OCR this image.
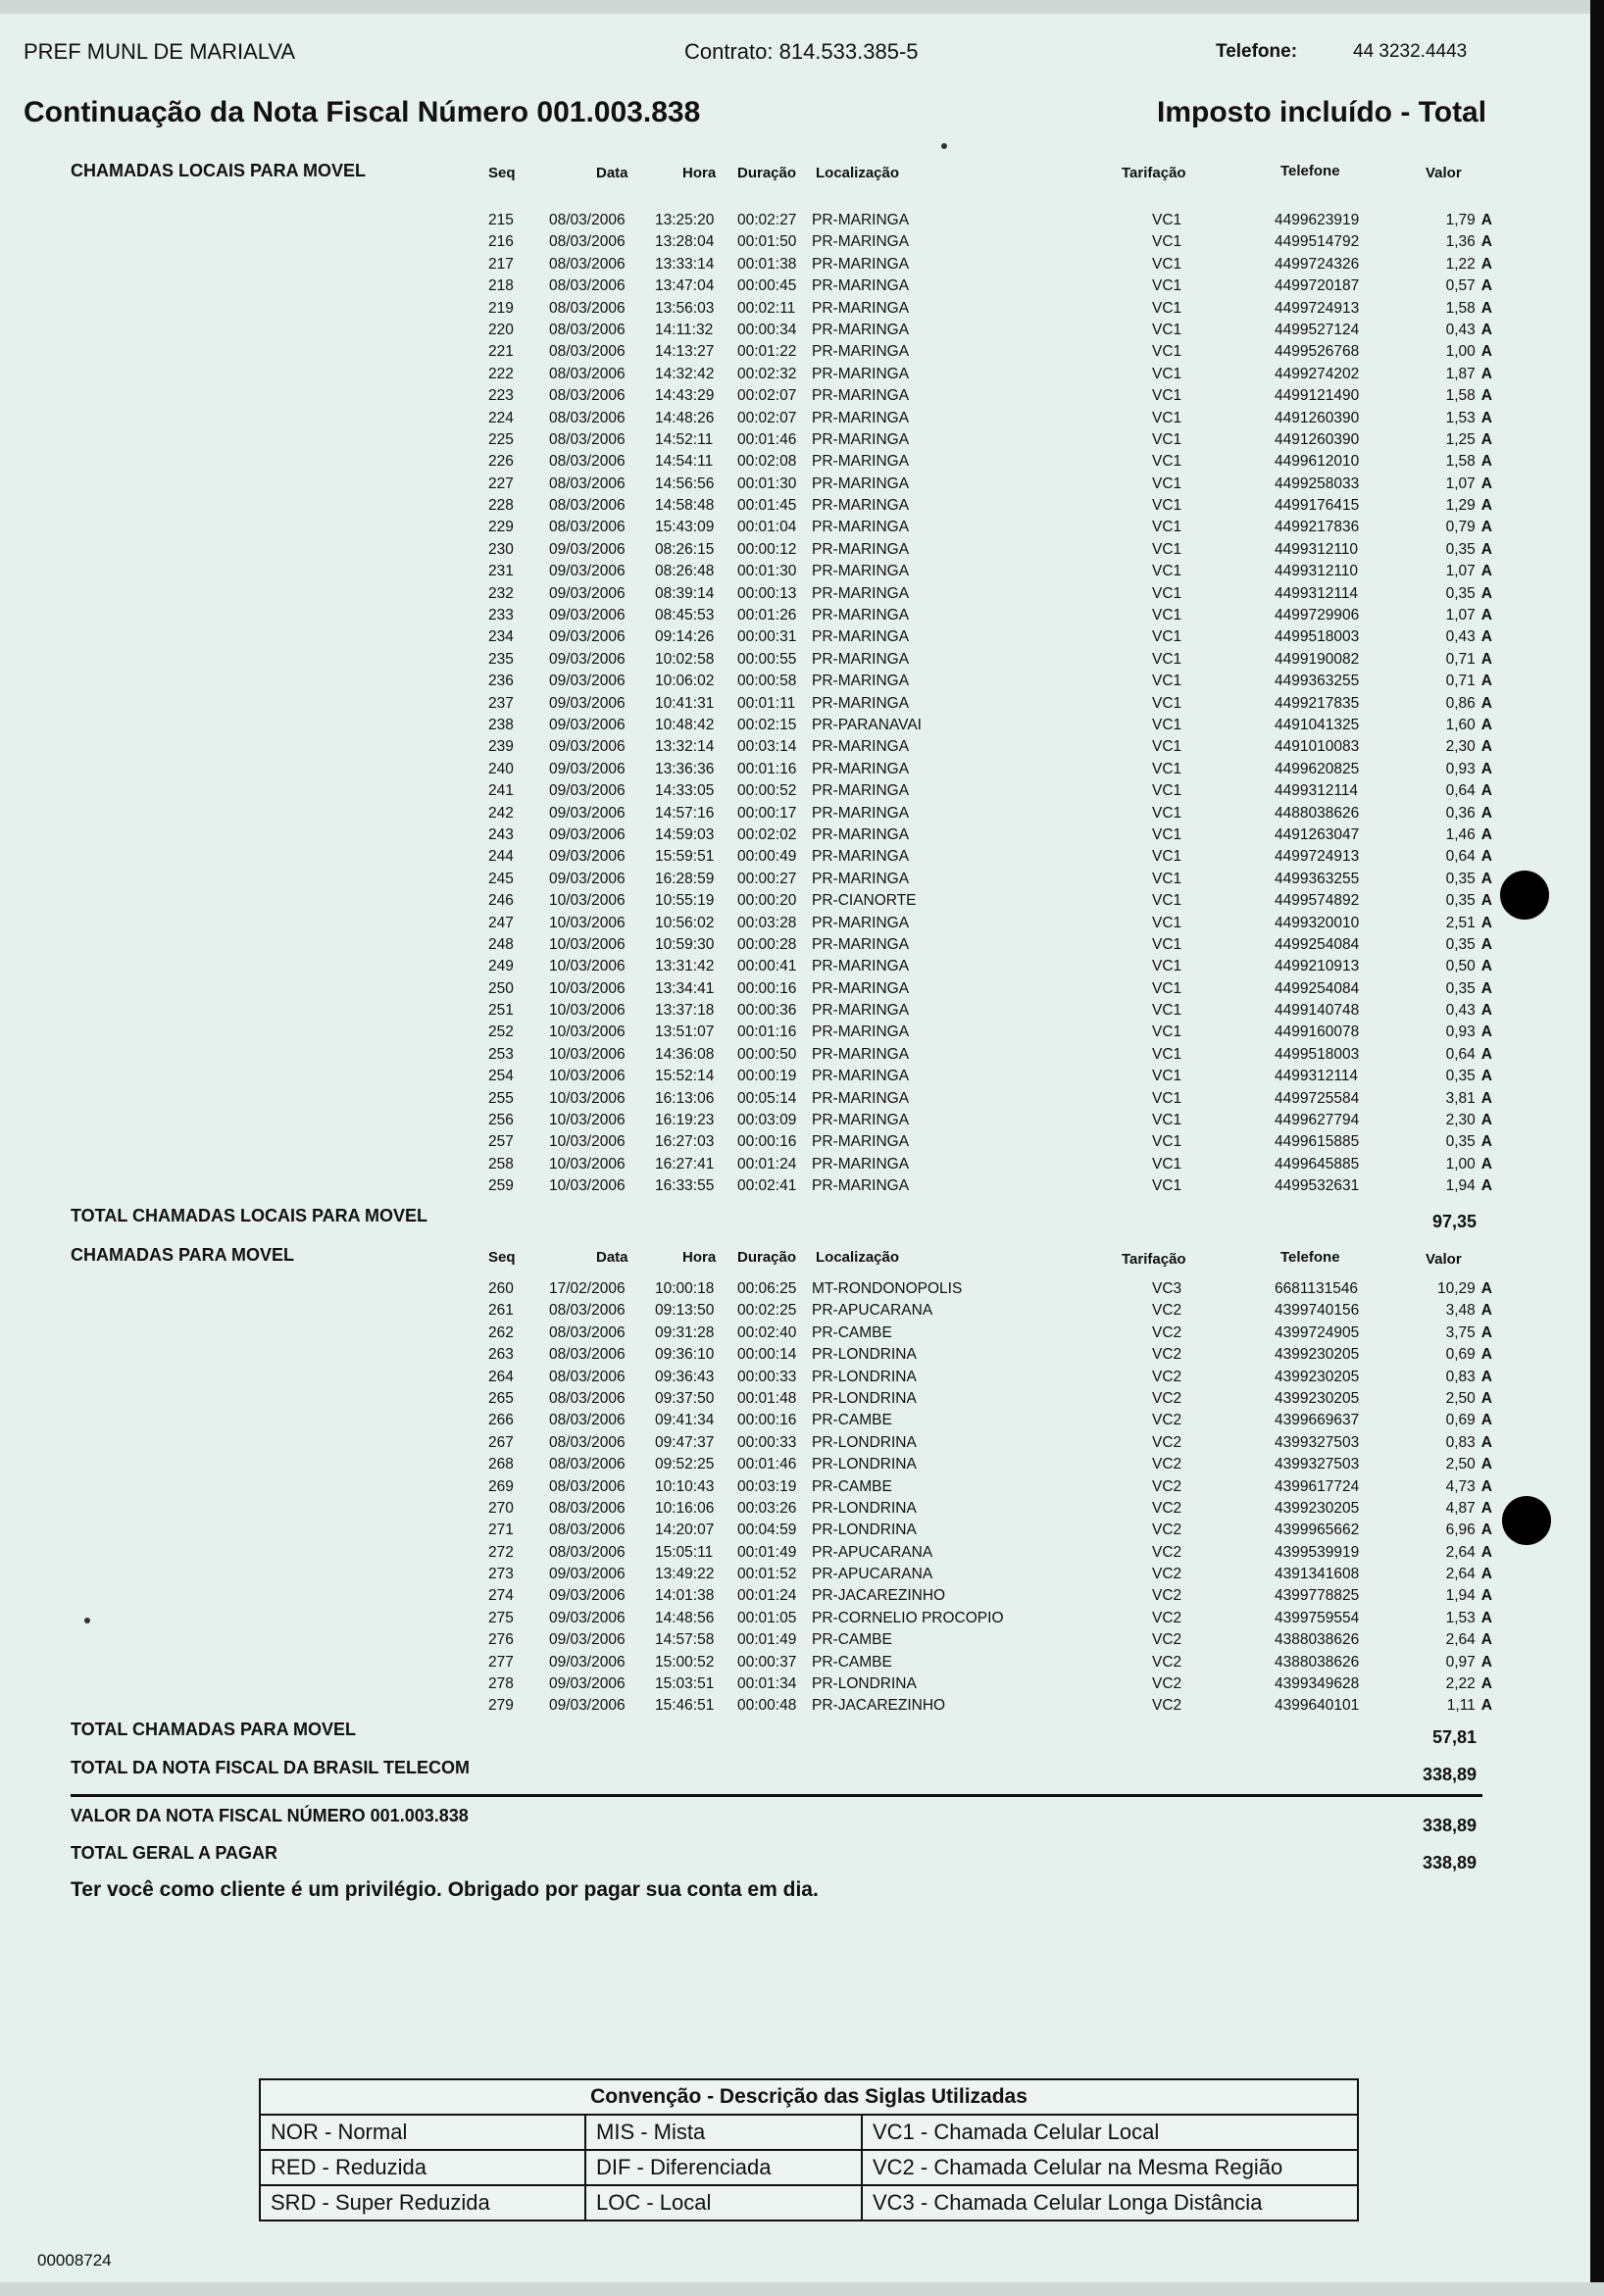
PREF MUNL DE MARIALVA	Contrato: 814.533.385-5	Telefone:	44 3232.4443
Continuação da Nota Fiscal Número 001.003.838	Imposto incluído - Total
CHAMADAS LOCAIS PARA MOVEL	Seq	Data	Hora Duração Localização	Tarifação	Telefone	Valor
215 08/03/2006 13:25:20 00:02:27 PR-MARINGA	VC1	4499623919	1,79 A
216 08/03/2006 13:28:04 00:01:50 PR-MARINGA	VC1	4499514792	1,36 A
217 08/03/2006 13:33:14 00:01:38 PR-MARINGA	VC1	4499724326	1,22 A
218 08/03/2006 13:47:04 00:00:45 PR-MARINGA	VC1	4499720187	0,57 A
219 08/03/2006 13:56:03 00:02:11 PR-MARINGA	VC1	4499724913	1,58 A
220 08/03/2006 14:11:32 00:00:34 PR-MARINGA	VC1	4499527124	0,43 A
221 08/03/2006 14:13:27 00:01:22 PR-MARINGA	VC1	4499526768	1,00 A
222 08/03/2006 14:32:42 00:02:32 PR-MARINGA	VC1	4499274202	1,87 A
223 08/03/2006 14:43:29 00:02:07 PR-MARINGA	VC1	4499121490	1,58 A
224 08/03/2006 14:48:26 00:02:07 PR-MARINGA	VC1	4491260390	1,53 A
225 08/03/2006 14:52:11 00:01:46 PR-MARINGA	VC1	4491260390	1,25 A
226 08/03/2006 14:54:11 00:02:08 PR-MARINGA	VC1	4499612010	1,58 A
227 08/03/2006 14:56:56 00:01:30 PR-MARINGA	VC1	4499258033	1,07 A
228 08/03/2006 14:58:48 00:01:45 PR-MARINGA	VC1	4499176415	1,29 A
229 08/03/2006 15:43:09 00:01:04 PR-MARINGA	VC1	4499217836	0,79 A
230 09/03/2006 08:26:15 00:00:12 PR-MARINGA	VC1	4499312110	0,35 A
231 09/03/2006 08:26:48 00:01:30 PR-MARINGA	VC1	4499312110	1,07 A
232 09/03/2006 08:39:14 00:00:13 PR-MARINGA	VC1	4499312114	0,35 A
233 09/03/2006 08:45:53 00:01:26 PR-MARINGA	VC1	4499729906	1,07 A
234 09/03/2006 09:14:26 00:00:31 PR-MARINGA	VC1	4499518003	0,43 A
235 09/03/2006 10:02:58 00:00:55 PR-MARINGA	VC1	4499190082	0,71 A
236 09/03/2006 10:06:02 00:00:58 PR-MARINGA	VC1	4499363255	0,71 A
237 09/03/2006 10:41:31 00:01:11 PR-MARINGA	VC1	4499217835	0,86 A
238 09/03/2006 10:48:42 00:02:15 PR-PARANAVAI	VC1	4491041325	1,60 A
239 09/03/2006 13:32:14 00:03:14 PR-MARINGA	VC1	4491010083	2,30 A
240 09/03/2006 13:36:36 00:01:16 PR-MARINGA	VC1	4499620825	0,93 A
241 09/03/2006 14:33:05 00:00:52 PR-MARINGA	VC1	4499312114	0,64 A
242 09/03/2006 14:57:16 00:00:17 PR-MARINGA	VC1	4488038626	0,36 A
243 09/03/2006 14:59:03 00:02:02 PR-MARINGA	VC1	4491263047	1,46 A
244 09/03/2006 15:59:51 00:00:49 PR-MARINGA	VC1	4499724913	0,64 A
245 09/03/2006 16:28:59 00:00:27 PR-MARINGA	VC1	4499363255	0,35 A
246 10/03/2006 10:55:19 00:00:20 PR-CIANORTE	VC1	4499574892	0,35 A
247 10/03/2006 10:56:02 00:03:28 PR-MARINGA	VC1	4499320010	2,51 A
248 10/03/2006 10:59:30 00:00:28 PR-MARINGA	VC1	4499254084	0,35 A
249 10/03/2006 13:31:42 00:00:41 PR-MARINGA	VC1	4499210913	0,50 A
250 10/03/2006 13:34:41 00:00:16 PR-MARINGA	VC1	4499254084	0,35 A
251 10/03/2006 13:37:18 00:00:36 PR-MARINGA	VC1	4499140748	0,43 A
252 10/03/2006 13:51:07 00:01:16 PR-MARINGA	VC1	4499160078	0,93 A
253 10/03/2006 14:36:08 00:00:50 PR-MARINGA	VC1	4499518003	0,64 A
254 10/03/2006 15:52:14 00:00:19 PR-MARINGA	VC1	4499312114	0,35 A
255 10/03/2006 16:13:06 00:05:14 PR-MARINGA	VC1	4499725584	3,81 A
256 10/03/2006 16:19:23 00:03:09 PR-MARINGA	VC1	4499627794	2,30 A
257 10/03/2006 16:27:03 00:00:16 PR-MARINGA	VC1	4499615885	0,35 A
258 10/03/2006 16:27:41 00:01:24 PR-MARINGA	VC1	4499645885	1,00 A
259 10/03/2006 16:33:55 00:02:41 PR-MARINGA	VC1	4499532631	1,94 A
TOTAL CHAMADAS LOCAIS PARA MOVEL	97,35
CHAMADAS PARA MOVEL	Seq	Data	Hora Duração Localização	Tarifação	Telefone	Valor
260 17/02/2006 10:00:18 00:06:25 MT-RONDONOPOLIS	VC3	6681131546	10,29 A
261 08/03/2006 09:13:50 00:02:25 PR-APUCARANA	VC2	4399740156	3,48 A
262 08/03/2006 09:31:28 00:02:40 PR-CAMBE	VC2	4399724905	3,75 A
263 08/03/2006 09:36:10 00:00:14 PR-LONDRINA	VC2	4399230205	0,69 A
264 08/03/2006 09:36:43 00:00:33 PR-LONDRINA	VC2	4399230205	0,83 A
265 08/03/2006 09:37:50 00:01:48 PR-LONDRINA	VC2	4399230205	2,50 A
266 08/03/2006 09:41:34 00:00:16 PR-CAMBE	VC2	4399669637	0,69 A
267 08/03/2006 09:47:37 00:00:33 PR-LONDRINA	VC2	4399327503	0,83 A
268 08/03/2006 09:52:25 00:01:46 PR-LONDRINA	VC2	4399327503	2,50 A
269 08/03/2006 10:10:43 00:03:19 PR-CAMBE	VC2	4399617724	4,73 A
270 08/03/2006 10:16:06 00:03:26 PR-LONDRINA	VC2	4399230205	4,87 A
271 08/03/2006 14:20:07 00:04:59 PR-LONDRINA	VC2	4399965662	6,96 A
272 08/03/2006 15:05:11 00:01:49 PR-APUCARANA	VC2	4399539919	2,64 A
273 09/03/2006 13:49:22 00:01:52 PR-APUCARANA	VC2	4391341608	2,64 A
274 09/03/2006 14:01:38 00:01:24 PR-JACAREZINHO	VC2	4399778825	1,94 A
275 09/03/2006 14:48:56 00:01:05 PR-CORNELIO PROCOPIO	VC2	4399759554	1,53 A
276 09/03/2006 14:57:58 00:01:49 PR-CAMBE	VC2	4388038626	2,64 A
277 09/03/2006 15:00:52 00:00:37 PR-CAMBE	VC2	4388038626	0,97 A
278 09/03/2006 15:03:51 00:01:34 PR-LONDRINA	VC2	4399349628	2,22 A
279 09/03/2006 15:46:51 00:00:48 PR-JACAREZINHO	VC2	4399640101	1,11 A
TOTAL CHAMADAS PARA MOVEL	57,81
TOTAL DA NOTA FISCAL DA BRASIL TELECOM	338,89
VALOR DA NOTA FISCAL NÚMERO 001.003.838	338,89
TOTAL GERAL A PAGAR	338,89
Ter você como cliente é um privilégio. Obrigado por pagar sua conta em dia.
Convenção - Descrição das Siglas Utilizadas		
NOR - Normal	MIS - Mista	VC1 - Chamada Celular Local
RED - Reduzida	DIF - Diferenciada	VC2 - Chamada Celular na Mesma Região
SRD - Super Reduzida	LOC - Local	VC3 - Chamada Celular Longa Distância
00008724
